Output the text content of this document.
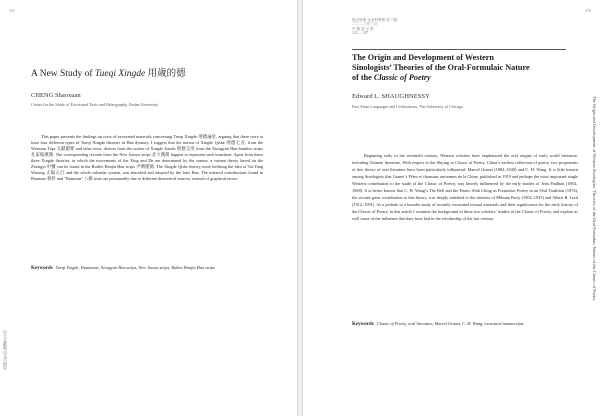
131
A New Study of Tueqi Xingde 用歲的德
CHENG Shaoxuan
Center for the Study of Excavated Texts and Paleography, Fudan University

This paper presents the findings on texts of excavated materials concerning Tueqi Xingde 刑德論星, arguing that there were at least four different types of Tueqi Xingde theories in Han dynasty. I suggest that the notion of Xingde Qishe 刑德七舍, from the Wenxian Tiqu 文獻題要 and other texts, derives from the notion of Xingde Jiaodu 刑德交度 from the Xiongyan Han bamboo strips 孔家坡漢簡. The corresponding records from the New Jiaoyu strips 北大漢簡 happen to represent such transition. Apart from these three Xingde theories, in which the movements of the Xing and De are determined by the season, a variant theory based on the Zhongyi 中醫 can be found in the Ruibvi Hanjia Han strips 尹灣漢簡. The Xingde Qishe theory, more befitting the idea of Tai Yang Wuxing 太陽五行 and the whole calendar system, was absorbed and adopted by the later Han. The inferred contributions found in Ruanzuo 軟鈴 and "Bamwan" 八維 texts are presumably due to different theoretical sources, instead of graphical errors.

Keywords Tueqi Xingde, Huainanzi, Xiongyan Han strips, New Jiaoyu strips, Ruibvi Hanjia Han strips

出土文獻與古文字研究
170
復旦學報 社會科學版 第三期
二〇二三年三月
中 國 語 言 學
123 — 187
The Origin and Development of Western
Sinologists’ Theories of the Oral-Formulaic Nature
of the Classic of Poetry
Edward L. SHAUGHNESSY
East Asian Languages and Civilizations, The University of Chicago

Beginning early in the twentieth century, Western scholars have emphasized the oral origins of early world literature, including Chinese literature. With respect to the Shijing or Classic of Poetry, China’s earliest collection of poetry, two proponents of this theory of oral literature have been particularly influential: Marcel Granet (1884–1940) and C. H. Wang. It is little known among Sinologists that Granet’s Fêtes et chansons anciennes de la Chine, published in 1919 and perhaps the most important single Western contribution to the study of the Classic of Poetry, was heavily influenced by the early studies of Jean Paulhan (1884–1968). It is better known that C. H. Wang’s The Bell and the Drum: Shih Ching as Formulaic Poetry in an Oral Tradition (1974), the second great contribution to this theory, was deeply indebted to the theories of Milman Parry (1902–1935) and Albert B. Lord (1912–1991). As a prelude to a broader study of recently excavated textual materials and their significance for the early history of the Classic of Poetry, in this article I examine the background of these two scholars’ studies of the Classic of Poetry, and explore as well some of the influence that they have had in the scholarship of the last century.

Keywords Classic of Poetry, oral literature, Marcel Granet, C. H. Wang, excavated manuscripts

The Origin and Development of Western Sinologists’ Theories of the Oral-Formulaic Nature of the Classic of Poetry
